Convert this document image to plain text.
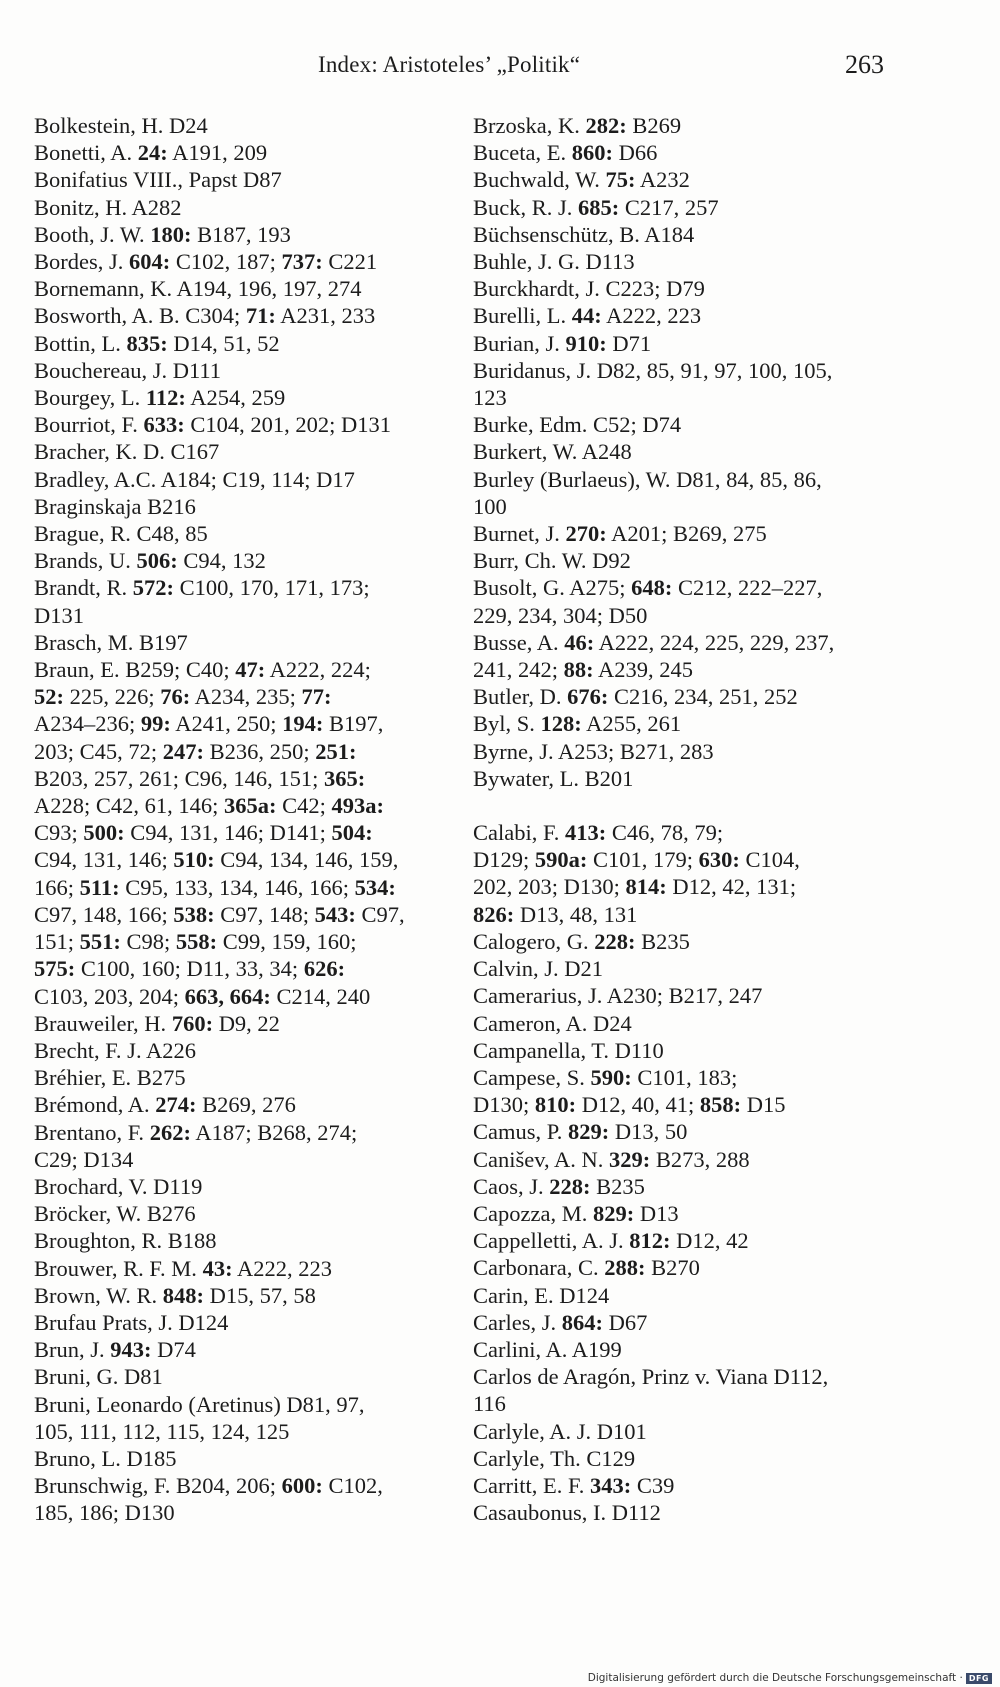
Index: Aristoteles’ „Politik“	263
Bolkestein, H. D24
Bonetti, A. 24: A191, 209
Bonifatius VIII., Papst D87
Bonitz, H. A282
Booth, J. W. 180: B187, 193
Bordes, J. 604: C102, 187; 737: C221
Bornemann, K. A194, 196, 197, 274
Bosworth, A. B. C304; 71: A231, 233
Bottin, L. 835: D14, 51, 52
Bouchereau, J. D111
Bourgey, L. 112: A254, 259
Bourriot, F. 633: C104, 201, 202; D131
Bracher, K. D. C167
Bradley, A.C. A184; C19, 114; D17
Braginskaja B216
Brague, R. C48, 85
Brands, U. 506: C94, 132
Brandt, R. 572: C100, 170, 171, 173;
D131
Brasch, M. B197
Braun, E. B259; C40; 47: A222, 224;
52: 225, 226; 76: A234, 235; 77:
A234–236; 99: A241, 250; 194: B197,
203; C45, 72; 247: B236, 250; 251:
B203, 257, 261; C96, 146, 151; 365:
A228; C42, 61, 146; 365a: C42; 493a:
C93; 500: C94, 131, 146; D141; 504:
C94, 131, 146; 510: C94, 134, 146, 159,
166; 511: C95, 133, 134, 146, 166; 534:
C97, 148, 166; 538: C97, 148; 543: C97,
151; 551: C98; 558: C99, 159, 160;
575: C100, 160; D11, 33, 34; 626:
C103, 203, 204; 663, 664: C214, 240
Brauweiler, H. 760: D9, 22
Brecht, F. J. A226
Bréhier, E. B275
Brémond, A. 274: B269, 276
Brentano, F. 262: A187; B268, 274;
C29; D134
Brochard, V. D119
Bröcker, W. B276
Broughton, R. B188
Brouwer, R. F. M. 43: A222, 223
Brown, W. R. 848: D15, 57, 58
Brufau Prats, J. D124
Brun, J. 943: D74
Bruni, G. D81
Bruni, Leonardo (Aretinus) D81, 97,
105, 111, 112, 115, 124, 125
Bruno, L. D185
Brunschwig, F. B204, 206; 600: C102,
185, 186; D130
Brzoska, K. 282: B269
Buceta, E. 860: D66
Buchwald, W. 75: A232
Buck, R. J. 685: C217, 257
Büchsenschütz, B. A184
Buhle, J. G. D113
Burckhardt, J. C223; D79
Burelli, L. 44: A222, 223
Burian, J. 910: D71
Buridanus, J. D82, 85, 91, 97, 100, 105,
123
Burke, Edm. C52; D74
Burkert, W. A248
Burley (Burlaeus), W. D81, 84, 85, 86,
100
Burnet, J. 270: A201; B269, 275
Burr, Ch. W. D92
Busolt, G. A275; 648: C212, 222–227,
229, 234, 304; D50
Busse, A. 46: A222, 224, 225, 229, 237,
241, 242; 88: A239, 245
Butler, D. 676: C216, 234, 251, 252
Byl, S. 128: A255, 261
Byrne, J. A253; B271, 283
Bywater, L. B201
Calabi, F. 413: C46, 78, 79;
D129; 590a: C101, 179; 630: C104,
202, 203; D130; 814: D12, 42, 131;
826: D13, 48, 131
Calogero, G. 228: B235
Calvin, J. D21
Camerarius, J. A230; B217, 247
Cameron, A. D24
Campanella, T. D110
Campese, S. 590: C101, 183;
D130; 810: D12, 40, 41; 858: D15
Camus, P. 829: D13, 50
Canišev, A. N. 329: B273, 288
Caos, J. 228: B235
Capozza, M. 829: D13
Cappelletti, A. J. 812: D12, 42
Carbonara, C. 288: B270
Carin, E. D124
Carles, J. 864: D67
Carlini, A. A199
Carlos de Aragón, Prinz v. Viana D112,
116
Carlyle, A. J. D101
Carlyle, Th. C129
Carritt, E. F. 343: C39
Casaubonus, I. D112
Digitalisierung gefördert durch die Deutsche Forschungsgemeinschaft · DFG
